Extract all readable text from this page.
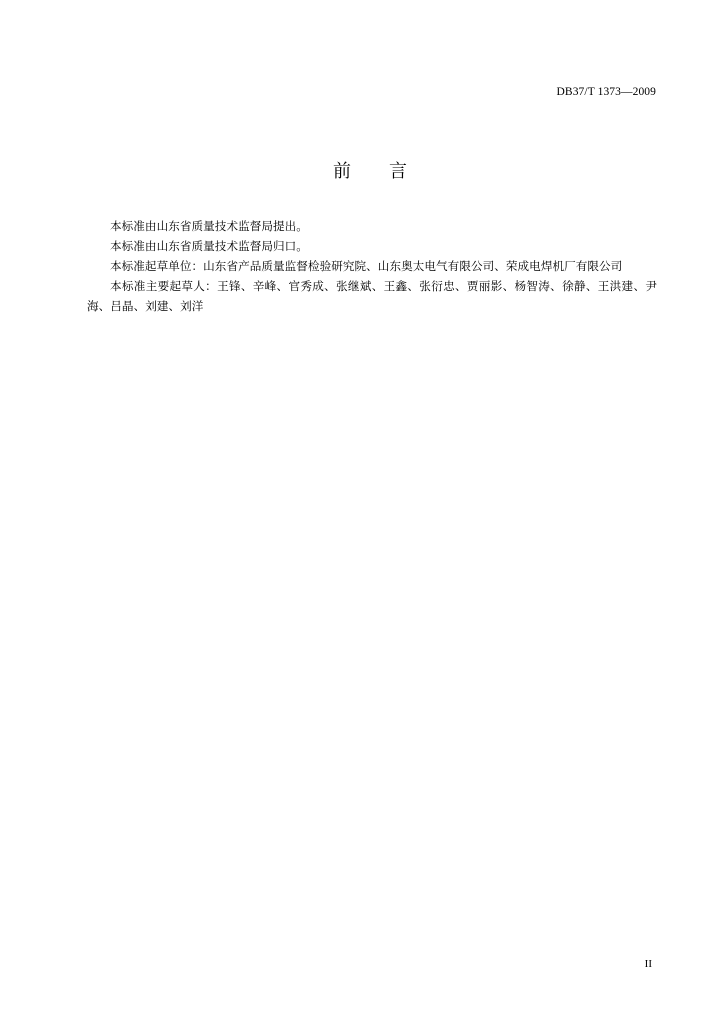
DB37/T 1373—2009
前 言

本标准由山东省质量技术监督局提出。

本标准由山东省质量技术监督局归口。

本标准起草单位：山东省产品质量监督检验研究院、山东奥太电气有限公司、荣成电焊机厂有限公司

本标准主要起草人：王锋、辛峰、官秀成、张继斌、王鑫、张衍忠、贾丽影、杨智涛、徐静、王洪建、尹海、吕晶、刘建、刘洋

II
